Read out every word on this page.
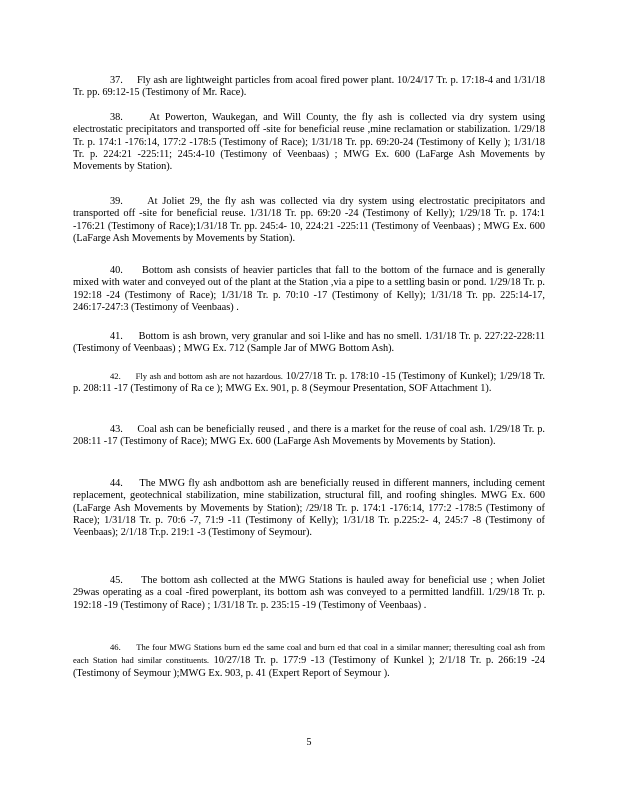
37. Fly ash are lightweight particles from acoal fired power plant. 10/24/17 Tr. p. 17:18-4 and 1/31/18 Tr. pp. 69:12-15 (Testimony of Mr. Race).

38.	At Powerton, Waukegan, and Will County, the fly ash is collected via dry system using electrostatic precipitators and transported off -site for beneficial reuse ,mine reclamation or stabilization. 1/29/18 Tr. p. 174:1 -176:14, 177:2 -178:5 (Testimony of Race); 1/31/18 Tr. pp. 69:20-24 (Testimony of Kelly ); 1/31/18 Tr. p. 224:21 -225:11; 245:4-10 (Testimony of Veenbaas) ; MWG Ex. 600 (LaFarge Ash Movements by Movements by Station).

39. At Joliet 29, the fly ash was collected via dry system using electrostatic precipitators and transported off -site for beneficial reuse. 1/31/18 Tr. pp. 69:20 -24 (Testimony of Kelly); 1/29/18 Tr. p. 174:1 -176:21 (Testimony of Race);1/31/18 Tr. pp. 245:4- 10, 224:21 -225:11 (Testimony of Veenbaas) ; MWG Ex. 600 (LaFarge Ash Movements by Movements by Station).

40. Bottom ash consists of heavier particles that fall to the bottom of the furnace and is generally mixed with water and conveyed out of the plant at the Station ,via a pipe to a settling basin or pond. 1/29/18 Tr. p. 192:18 -24 (Testimony of Race); 1/31/18 Tr. p. 70:10 -17 (Testimony of Kelly); 1/31/18 Tr. pp. 225:14-17, 246:17-247:3 (Testimony of Veenbaas) .

41. Bottom is ash brown, very granular and soi l-like and has no smell. 1/31/18 Tr. p. 227:22-228:11 (Testimony of Veenbaas) ; MWG Ex. 712 (Sample Jar of MWG Bottom Ash).

42. Fly ash and bottom ash are not hazardous. 10/27/18 Tr. p. 178:10 -15 (Testimony of Kunkel); 1/29/18 Tr. p. 208:11 -17 (Testimony of Ra ce ); MWG Ex. 901, p. 8 (Seymour Presentation, SOF Attachment 1).

43. Coal ash can be beneficially reused , and there is a market for the reuse of coal ash. 1/29/18 Tr. p. 208:11 -17 (Testimony of Race); MWG Ex. 600 (LaFarge Ash Movements by Movements by Station).

44. The MWG fly ash andbottom ash are beneficially reused in different manners, including cement replacement, geotechnical stabilization, mine stabilization, structural fill, and roofing shingles. MWG Ex. 600 (LaFarge Ash Movements by Movements by Station); /29/18 Tr. p. 174:1 -176:14, 177:2 -178:5 (Testimony of Race); 1/31/18 Tr. p. 70:6 -7, 71:9 -11 (Testimony of Kelly); 1/31/18 Tr. p.225:2- 4, 245:7 -8 (Testimony of Veenbaas); 2/1/18 Tr.p. 219:1 -3 (Testimony of Seymour).

45. The bottom ash collected at the MWG Stations is hauled away for beneficial use ; when Joliet 29was operating as a coal -fired powerplant, its bottom ash was conveyed to a permitted landfill. 1/29/18 Tr. p. 192:18 -19 (Testimony of Race) ; 1/31/18 Tr. p. 235:15 -19 (Testimony of Veenbaas) .

46. The four MWG Stations burn ed the same coal and burn ed that coal in a similar manner; theresulting coal ash from each Station had similar constituents. 10/27/18 Tr. p. 177:9 -13 (Testimony of Kunkel ); 2/1/18 Tr. p. 266:19 -24 (Testimony of Seymour );MWG Ex. 903, p. 41 (Expert Report of Seymour ).

5
